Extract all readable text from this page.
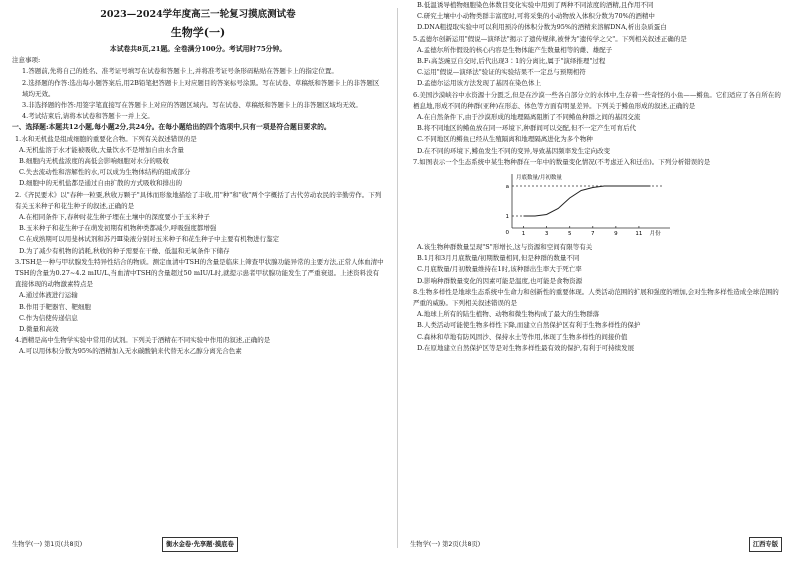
2023—2024学年度高三一轮复习摸底测试卷
生物学(一)
本试卷共8页,21题。全卷满分100分。考试用时75分钟。
注意事项:
1.答题前,先将自己的姓名、准考证号填写在试卷和答题卡上,并将准考证号条形码粘贴在答题卡上的指定位置。
2.选择题的作答:选出每小题答案后,用2B铅笔把答题卡上对应题目的答案标号涂黑。写在试卷、草稿纸和答题卡上的非答题区域均无效。
3.非选择题的作答:用签字笔直接写在答题卡上对应的答题区域内。写在试卷、草稿纸和答题卡上的非答题区域均无效。
4.考试结束后,请将本试卷和答题卡一并上交。
一、选择题:本题共12小题,每小题2分,共24分。在每小题给出的四个选项中,只有一项是符合题目要求的。
1.水和无机盐是组成细胞的重要化合物。下列有关叙述错误的是
A.无机盐溶于水才能被吸收,大量饮水不是增加自由水含量
B.细胞内无机盐浓度的高低会影响细胞对水分的吸收
C.失去流动性和溶解性的水,可以成为生物体结构的组成部分
D.细胞中的无机盐都是通过自由扩散的方式吸收和排出的
2.《齐民要术》以"春种一粒粟,秋收万颗子"具体而形象地描绘了丰收,用"种"和"收"两个字概括了古代劳动农民的辛勤劳作。下列有关玉米种子和花生种子的叙述,正确的是
A.在相同条件下,春种时花生种子埋在土壤中的深度要小于玉米种子
B.玉米种子和花生种子在萌发初期有机物种类都减少,呼吸强度都增强
C.在成熟期可以用斐林试剂和苏丹Ⅲ染液分别对玉米种子和花生种子中主要有机物进行鉴定
D.为了减少有机物的消耗,秋收的种子需要在干燥、低温和无氧条件下储存
3.TSH是一种与甲状腺发生特异性结合的物质。测定血清中TSH的含量是临床上筛查甲状腺功能异常的主要方法,正常人体血清中TSH的含量为0.27~4.2 mIU/L,当血清中TSH的含量超过50 mIU/L时,就提示患者甲状腺功能发生了严重衰退。上述资料没有直接体现的动物激素特点是
A.通过体液进行运输
B.作用于靶器官、靶细胞
C.作为信使传递信息
D.微量和高效
4.酒精是高中生物学实验中常用的试剂。下列关于酒精在不同实验中作用的叙述,正确的是
A.可以用体积分数为95%的酒精加入无水碳酸钠来代替无水乙醇分离光合色素
生物学(一) 第1页(共8页)	衡水金卷·先享题·摸底卷
B.低温诱导植物细胞染色体数目变化实验中用到了两种不同浓度的酒精,且作用不同
C.研究土壤中小动物类群丰富度时,可将采集的小动物放入体积分数为70%的酒精中
D.DNA粗提取实验中可以利用预冷的体积分数为95%的酒精来溶解DNA,析出杂质蛋白
5.孟德尔创新运用"假说—演绎法"揭示了遗传规律,被誉为"遗传学之父"。下列相关叙述正确的是
A.孟德尔所作假设的核心内容是生物体能产生数量相等的雌、雄配子
B.F₁高茎豌豆自交时,后代出现3∶1的分离比,属于"演绎推理"过程
C.运用"假说—演绎法"验证的实验结果不一定总与预期相符
D.孟德尔运用该方法发现了基因在染色体上
6.美国沙漠峡谷中水资源十分匮乏,但是在沙漠一些各自部分立的水体中,生存着一些奇怪的小鱼——鳉鱼。它们适应了各自所在的栖息地,形成不同的种群(亚种)在形态、体色等方面有明显差异。下列关于鳉鱼形成的叙述,正确的是
A.在自然条件下,由于沙漠形成的地理隔离阻断了不同鳉鱼种群之间的基因交流
B.将不同地区的鳉鱼放在同一环境下,种群间可以交配,但不一定产生可育后代
C.不同地区的鳉鱼已经从生殖隔离和地理隔离进化为多个物种
D.在不同的环境下,鳉鱼发生不同的变异,导致基因频率发生定向改变
7.如图表示一个生态系统中某生物种群在一年中的数量变化情况(不考虑迁入和迁出)。下列分析错误的是
月底数量/月初数量
0
a
1
1	3	5	7	9	11 月份
A.该生物种群数量呈现"S"形增长,这与资源和空间有限等有关
B.1月和3月月底数量/初期数量相同,但是种群的数量不同
C.月底数量/月初数量维持在1时,该种群出生率大于死亡率
D.影响种群数量变化的因素可能是温度,也可能是食物资源
8.生物多样性是地球生态系统中生命力和创新性的重要体现。人类活动范围的扩展和强度的增加,会对生物多样性造成全球范围的严重的威胁。下列相关叙述错误的是
A.地球上所有的陆生植物、动物和微生物构成了最大的生物群落
B.人类活动可能使生物多样性下降,而建立自然保护区有利于生物多样性的保护
C.森林和草地有防风固沙、保持水土等作用,体现了生物多样性的间接价值
D.在原地建立自然保护区等是对生物多样性最有效的保护,有利于可持续发展
生物学(一) 第2页(共8页)	江西专版
